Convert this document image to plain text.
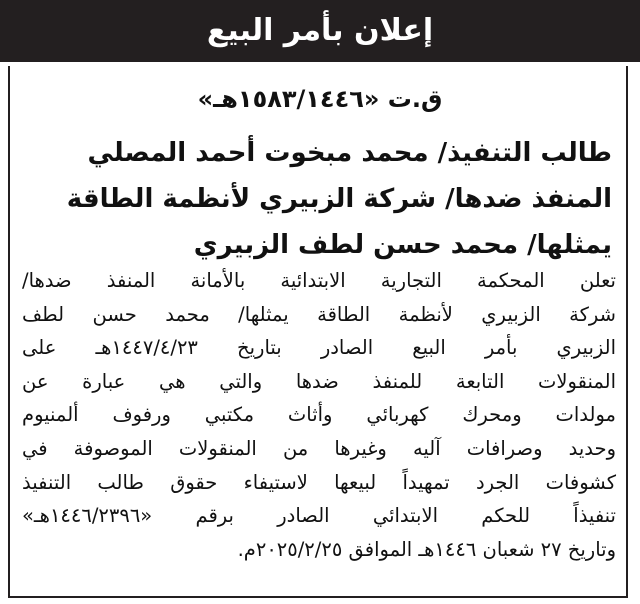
إعلان بأمر البيع
ق.ت «١٥٨٣/١٤٤٦هـ»
طالب التنفيذ/ محمد مبخوت أحمد المصلي
المنفذ ضدها/ شركة الزبيري لأنظمة الطاقة
يمثلها/ محمد حسن لطف الزبيري
تعلن المحكمة التجارية الابتدائية بالأمانة المنفذ ضدها/
شركة الزبيري لأنظمة الطاقة يمثلها/ محمد حسن لطف
الزبيري بأمر البيع الصادر بتاريخ ١٤٤٧/٤/٢٣هـ على
المنقولات التابعة للمنفذ ضدها والتي هي عبارة عن
مولدات ومحرك كهربائي وأثاث مكتبي ورفوف ألمنيوم
وحديد وصرافات آليه وغيرها من المنقولات الموصوفة في
كشوفات الجرد تمهيداً لبيعها لاستيفاء حقوق طالب التنفيذ
تنفيذاً للحكم الابتدائي الصادر برقم «١٤٤٦/٢٣٩٦هـ»
وتاريخ ٢٧ شعبان ١٤٤٦هـ الموافق ٢٠٢٥/٢/٢٥م.
